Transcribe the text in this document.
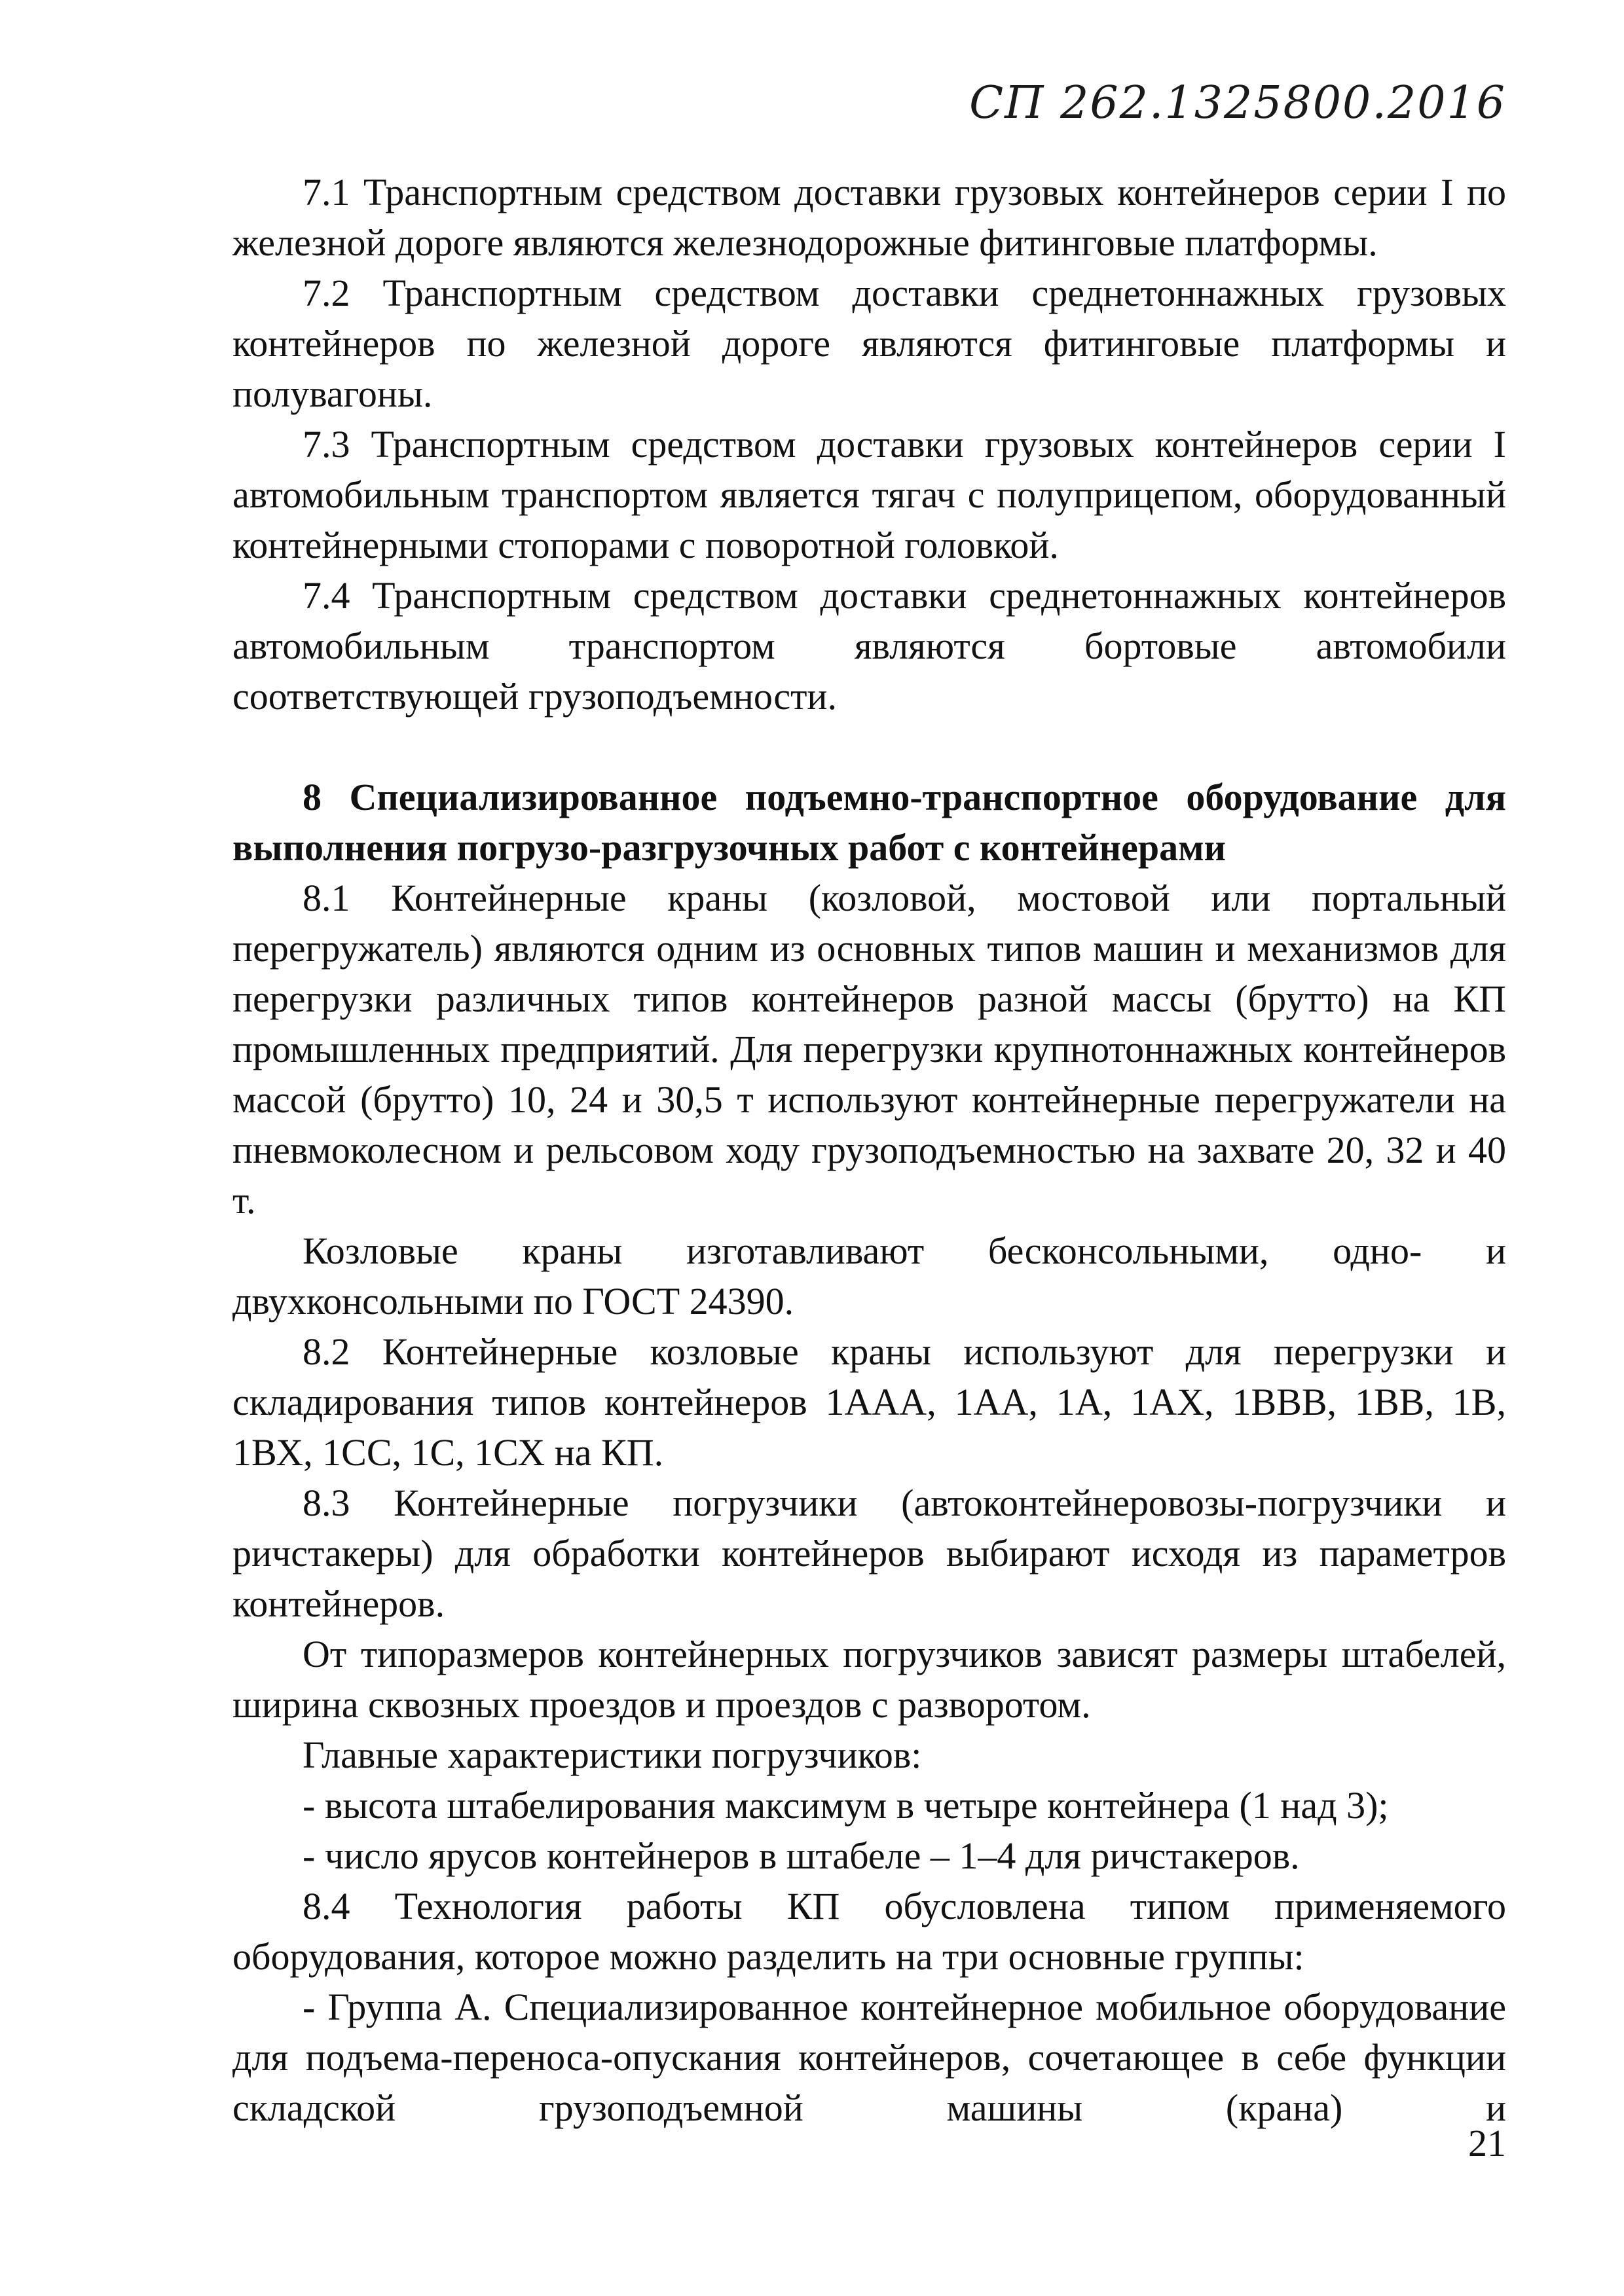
СП 262.1325800.2016

7.1 Транспортным средством доставки грузовых контейнеров серии I по железной дороге являются железнодорожные фитинговые платформы.

7.2 Транспортным средством доставки среднетоннажных грузовых контейнеров по железной дороге являются фитинговые платформы и полувагоны.

7.3 Транспортным средством доставки грузовых контейнеров серии I автомобильным транспортом является тягач с полуприцепом, оборудованный контейнерными стопорами с поворотной головкой.

7.4 Транспортным средством доставки среднетоннажных контейнеров автомобильным транспортом являются бортовые автомобили соответствующей грузоподъемности.

8 Специализированное подъемно-транспортное оборудование для выполнения погрузо-разгрузочных работ с контейнерами

8.1 Контейнерные краны (козловой, мостовой или портальный перегружатель) являются одним из основных типов машин и механизмов для перегрузки различных типов контейнеров разной массы (брутто) на КП промышленных предприятий. Для перегрузки крупнотоннажных контейнеров массой (брутто) 10, 24 и 30,5 т используют контейнерные перегружатели на пневмоколесном и рельсовом ходу грузоподъемностью на захвате 20, 32 и 40 т.

Козловые краны изготавливают бесконсольными, одно- и двухконсольными по ГОСТ 24390.

8.2 Контейнерные козловые краны используют для перегрузки и складирования типов контейнеров 1ААА, 1АА, 1А, 1АХ, 1ВВВ, 1ВВ, 1В, 1ВХ, 1СС, 1С, 1СХ на КП.

8.3 Контейнерные погрузчики (автоконтейнеровозы-погрузчики и ричстакеры) для обработки контейнеров выбирают исходя из параметров контейнеров.

От типоразмеров контейнерных погрузчиков зависят размеры штабелей, ширина сквозных проездов и проездов с разворотом.

Главные характеристики погрузчиков:

- высота штабелирования максимум в четыре контейнера (1 над 3);

- число ярусов контейнеров в штабеле – 1–4 для ричстакеров.

8.4 Технология работы КП обусловлена типом применяемого оборудования, которое можно разделить на три основные группы:

- Группа А. Специализированное контейнерное мобильное оборудование для подъема-переноса-опускания контейнеров, сочетающее в себе функции складской грузоподъемной машины (крана) и

21
